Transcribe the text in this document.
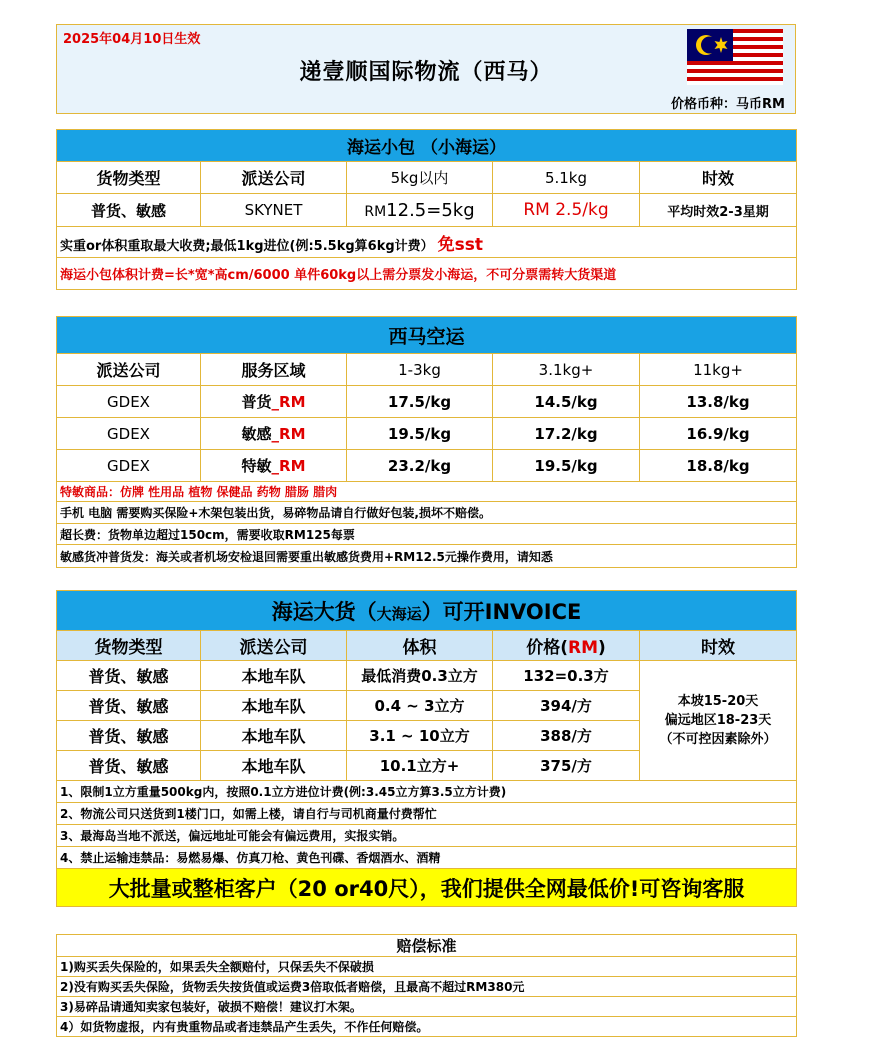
2025年04月10日生效
递壹顺国际物流（西马）
价格币种：马币RM
海运小包 （小海运）				
货物类型	派送公司	5kg以内	5.1kg	时效
普货、敏感	SKYNET	RM12.5=5kg	RM 2.5/kg	平均时效2-3星期
实重or体积重取最大收费;最低1kg进位(例:5.5kg算6kg计费） 免sst				
海运小包体积计费=长*宽*高cm/6000 单件60kg以上需分票发小海运，不可分票需转大货渠道				
西马空运				
派送公司	服务区域	1-3kg	3.1kg+	11kg+
GDEX	普货_RM	17.5/kg	14.5/kg	13.8/kg
GDEX	敏感_RM	19.5/kg	17.2/kg	16.9/kg
GDEX	特敏_RM	23.2/kg	19.5/kg	18.8/kg
特敏商品：仿牌 性用品 植物 保健品 药物 腊肠 腊肉				
手机 电脑 需要购买保险+木架包装出货，易碎物品请自行做好包装,损坏不赔偿。				
超长费：货物单边超过150cm，需要收取RM125每票				
敏感货冲普货发：海关或者机场安检退回需要重出敏感货费用+RM12.5元操作费用，请知悉				
海运大货（大海运）可开INVOICE				
货物类型	派送公司	体积	价格(RM)	时效
普货、敏感	本地车队	最低消费0.3立方	132=0.3方	本坡15-20天
偏远地区18-23天
（不可控因素除外）

普货、敏感	本地车队	0.4 ~ 3立方	394/方	
普货、敏感	本地车队	3.1 ~ 10立方	388/方	
普货、敏感	本地车队	10.1立方+	375/方	
1、限制1立方重量500kg内，按照0.1立方进位计费(例:3.45立方算3.5立方计费)				
2、物流公司只送货到1楼门口，如需上楼，请自行与司机商量付费帮忙				
3、最海岛当地不派送，偏远地址可能会有偏远费用，实报实销。				
4、禁止运输违禁品：易燃易爆、仿真刀枪、黄色刊碟、香烟酒水、酒精				
大批量或整柜客户（20 or40尺），我们提供全网最低价!可咨询客服				
赔偿标准
1)购买丢失保险的，如果丢失全额赔付，只保丢失不保破损
2)没有购买丢失保险，货物丢失按货值或运费3倍取低者赔偿，且最高不超过RM380元
3)易碎品请通知卖家包装好，破损不赔偿！建议打木架。
4）如货物虚报，内有贵重物品或者违禁品产生丢失，不作任何赔偿。
